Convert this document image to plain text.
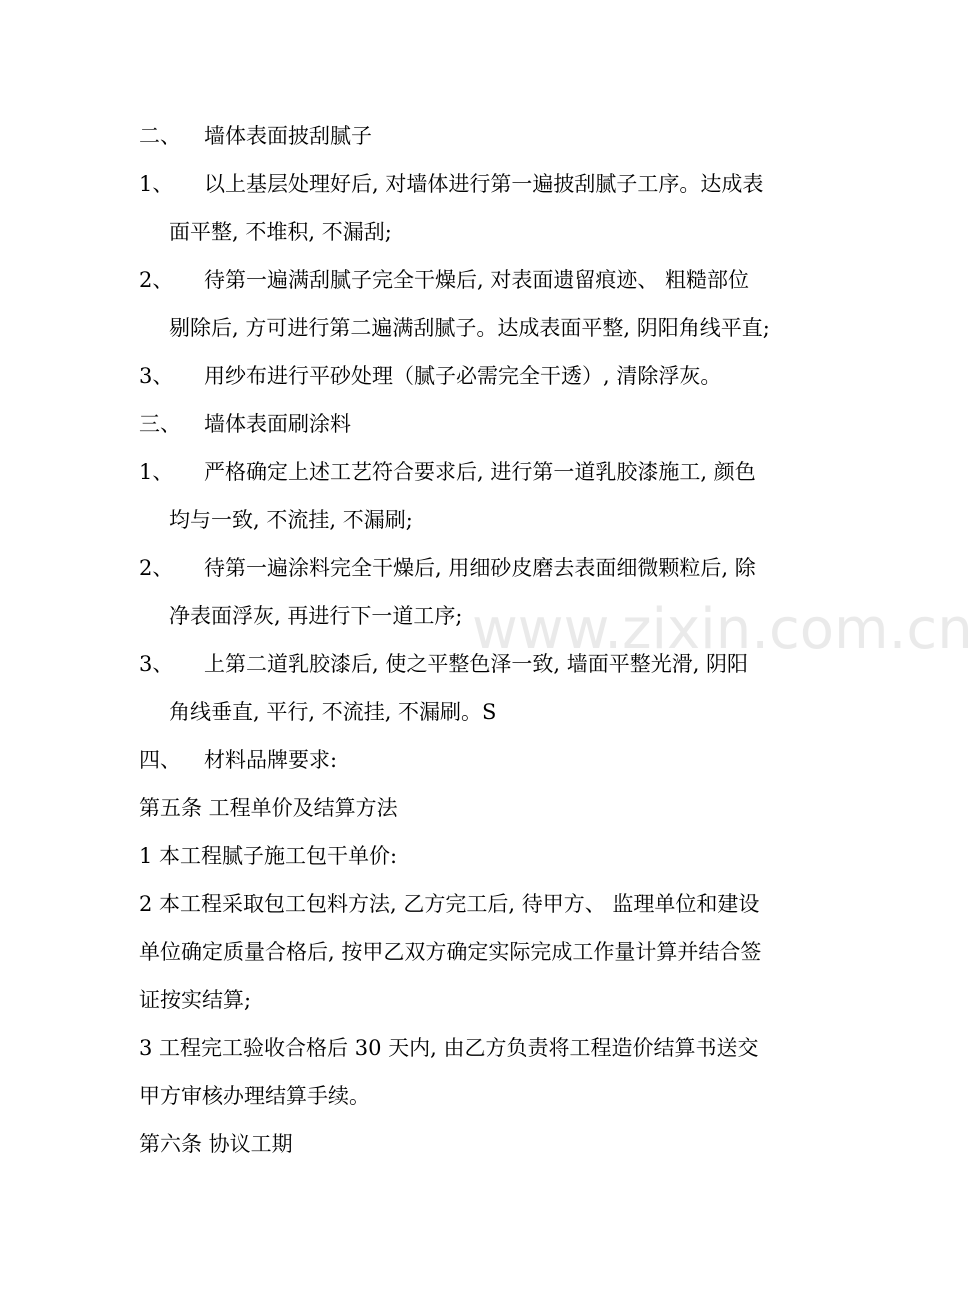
www.zixin.com.cn
二、 墙体表面披刮腻子
1、 以上基层处理好后, 对墙体进行第一遍披刮腻子工序。达成表
面平整, 不堆积, 不漏刮;
2、 待第一遍满刮腻子完全干燥后, 对表面遗留痕迹、 粗糙部位
剔除后, 方可进行第二遍满刮腻子。达成表面平整, 阴阳角线平直;
3、 用纱布进行平砂处理（腻子必需完全干透）, 清除浮灰。
三、 墙体表面刷涂料
1、 严格确定上述工艺符合要求后, 进行第一道乳胶漆施工, 颜色
均与一致, 不流挂, 不漏刷;
2、 待第一遍涂料完全干燥后, 用细砂皮磨去表面细微颗粒后, 除
净表面浮灰, 再进行下一道工序;
3、 上第二道乳胶漆后, 使之平整色泽一致, 墙面平整光滑, 阴阳
角线垂直, 平行, 不流挂, 不漏刷。S
四、 材料品牌要求:
第五条 工程单价及结算方法
1 本工程腻子施工包干单价:
2 本工程采取包工包料方法, 乙方完工后, 待甲方、 监理单位和建设
单位确定质量合格后, 按甲乙双方确定实际完成工作量计算并结合签
证按实结算;
3 工程完工验收合格后 30 天内, 由乙方负责将工程造价结算书送交
甲方审核办理结算手续。
第六条 协议工期
